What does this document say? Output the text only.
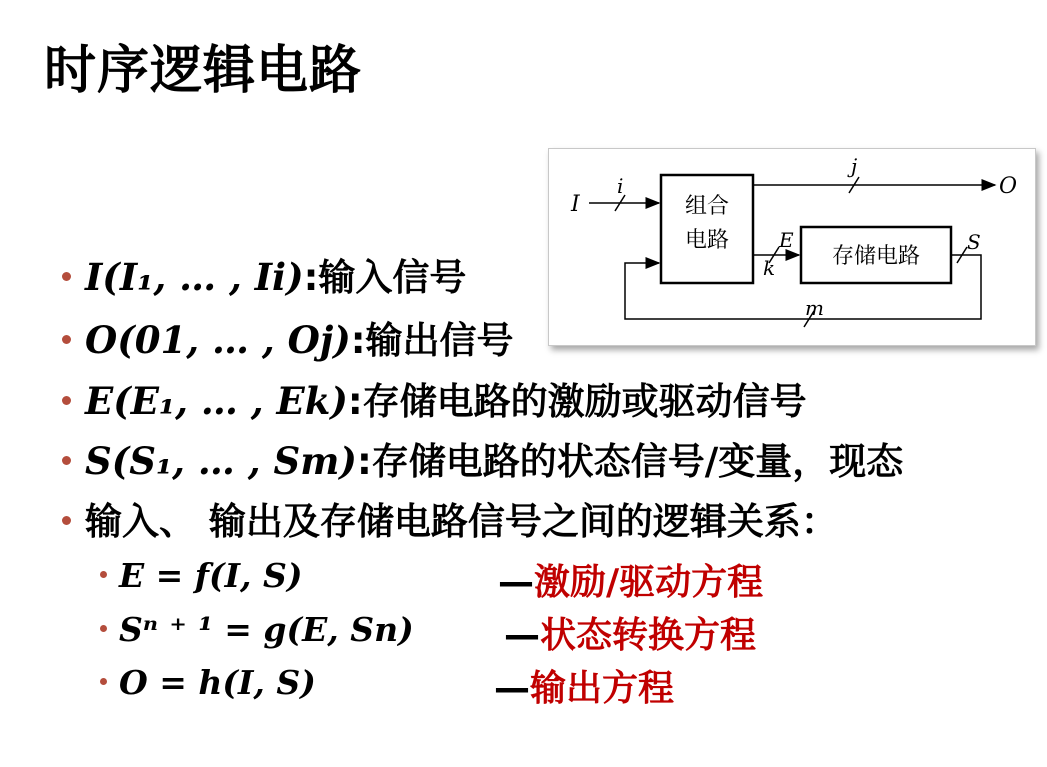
时序逻辑电路
组合
电路
存储电路
I
i	O
j
E
k
S
m
I(I₁, … , Ii):输入信号
O(01, … , Oj):输出信号
E(E₁, … , Ek):存储电路的激励或驱动信号
S(S₁, … , Sm):存储电路的状态信号/变量，现态
输入、 输出及存储电路信号之间的逻辑关系：
E = f(I, S)	—激励/驱动方程
Sⁿ ⁺ ¹ = g(E, Sn)	—状态转换方程
O = h(I, S)	—输出方程
